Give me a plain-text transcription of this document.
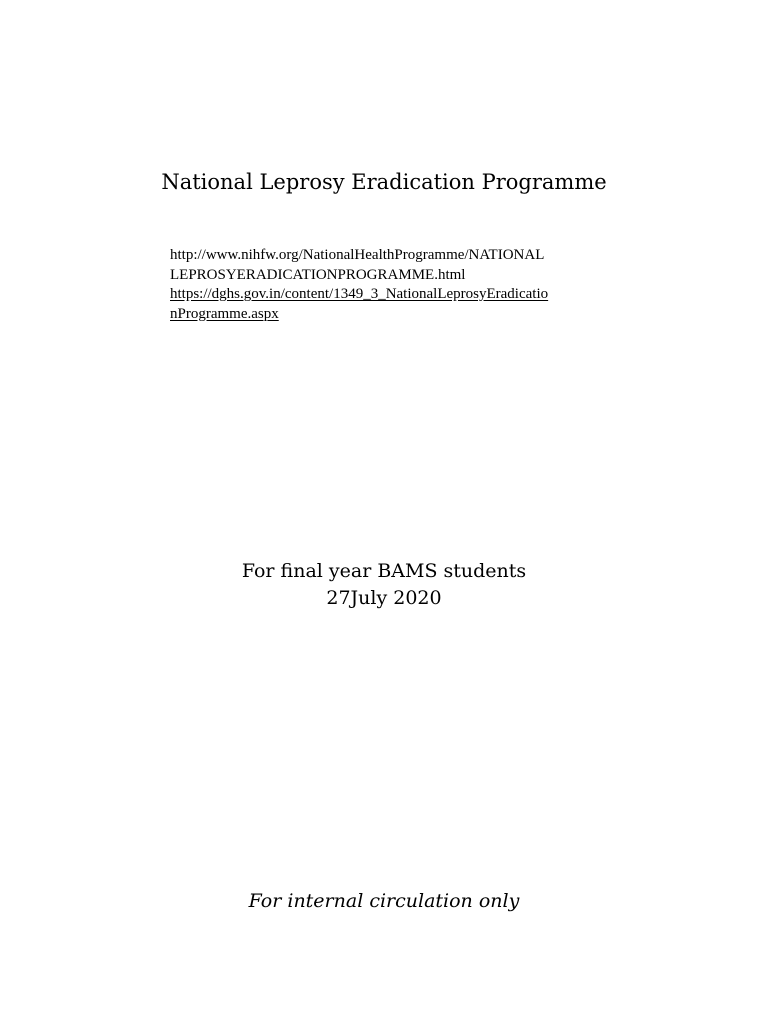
National Leprosy Eradication Programme
http://www.nihfw.org/NationalHealthProgramme/NATIONAL
LEPROSYERADICATIONPROGRAMME.html
https://dghs.gov.in/content/1349_3_NationalLeprosyEradicatio
nProgramme.aspx
For final year BAMS students
27July 2020
For internal circulation only
